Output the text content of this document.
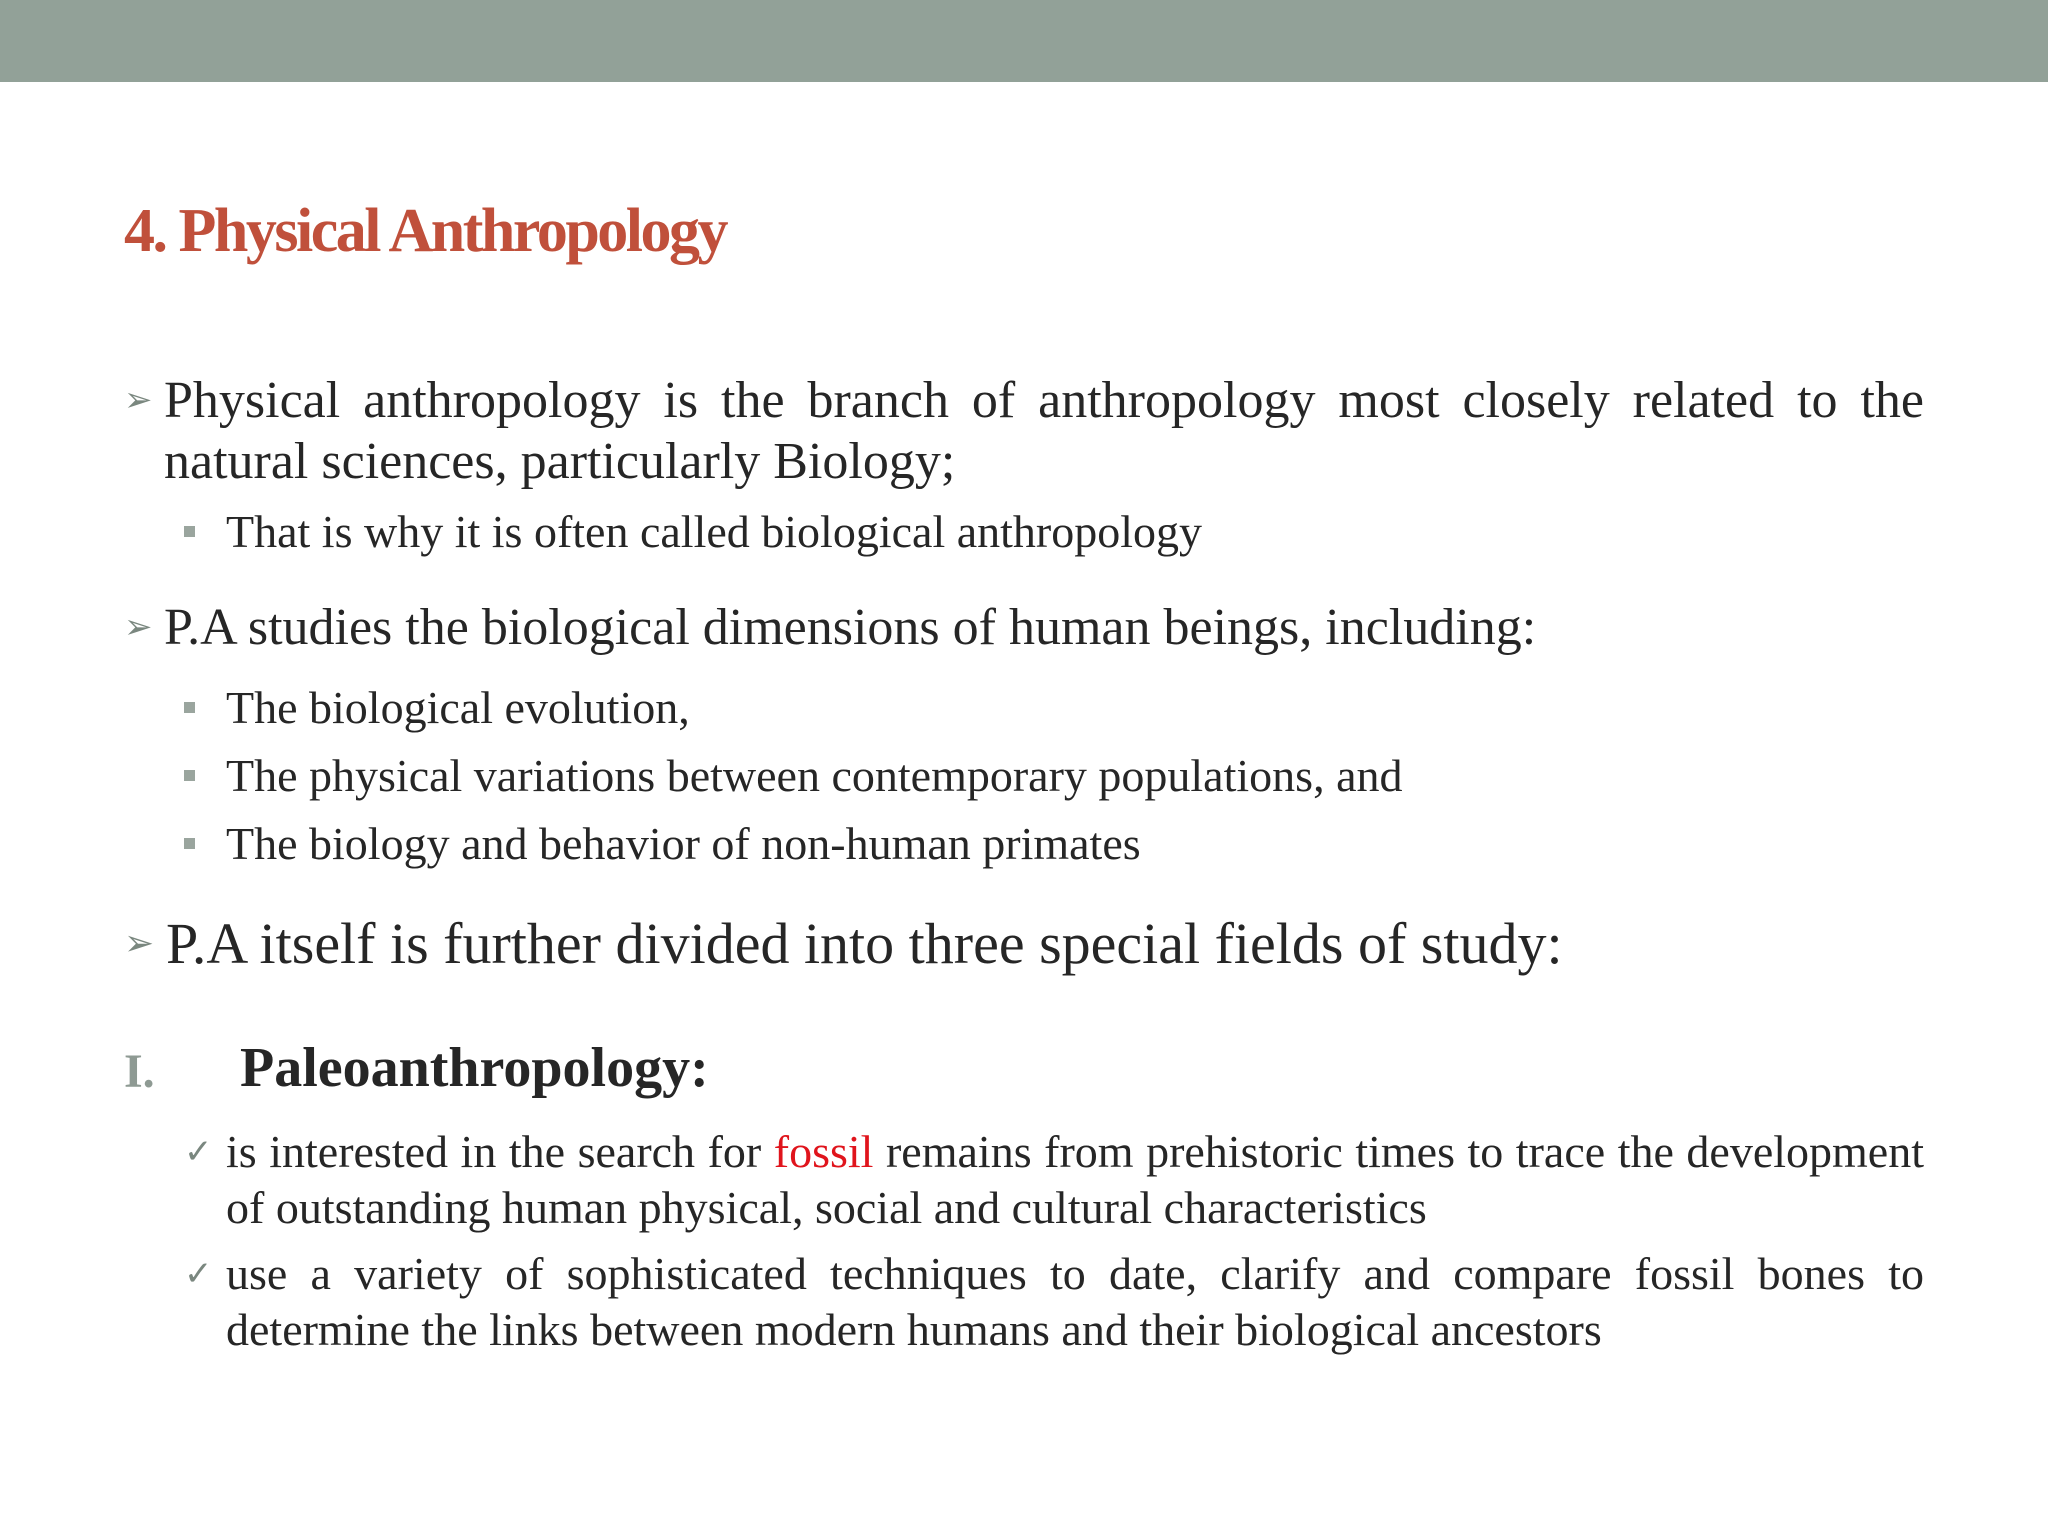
4. Physical Anthropology
➢ Physical anthropology is the branch of anthropology most closely related to the natural sciences, particularly Biology;
That is why it is often called biological anthropology
➢ P.A studies the biological dimensions of human beings, including:
The biological evolution,
The physical variations between contemporary populations, and
The biology and behavior of non-human primates
➢ P.A itself is further divided into three special fields of study:
I. Paleoanthropology:
✓ is interested in the search for fossil remains from prehistoric times to trace the development of outstanding human physical, social and cultural characteristics
✓ use a variety of sophisticated techniques to date, clarify and compare fossil bones to determine the links between modern humans and their biological ancestors
